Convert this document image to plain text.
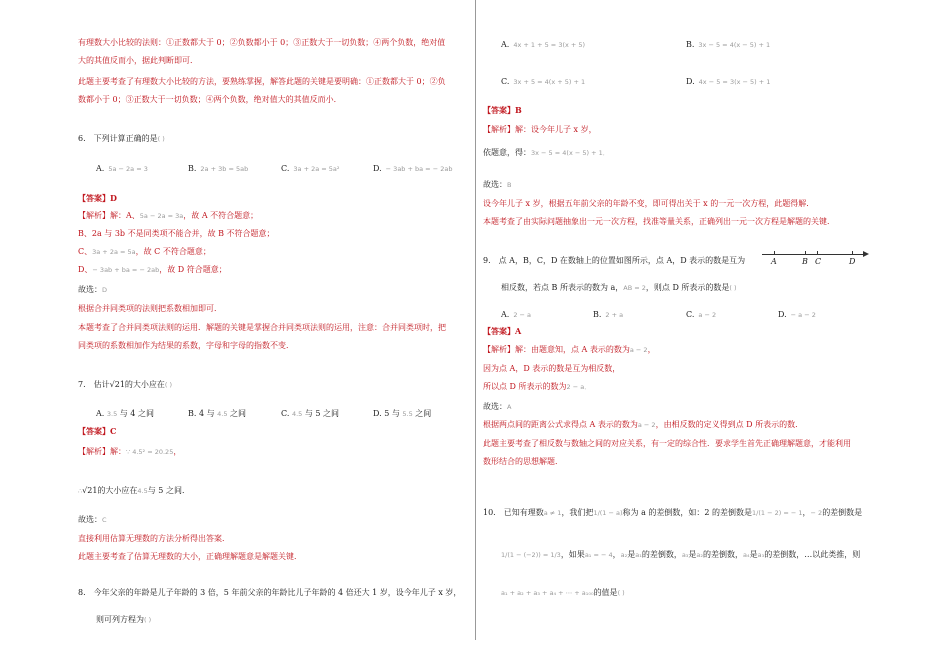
有理数大小比较的法则：①正数都大于 0；②负数都小于 0；③正数大于一切负数；④两个负数，绝对值
大的其值反而小，据此判断即可．
此题主要考查了有理数大小比较的方法，要熟练掌握，解答此题的关键是要明确：①正数都大于 0；②负
数都小于 0；③正数大于一切负数；④两个负数，绝对值大的其值反而小．
6.　下列计算正确的是( )
A. 5a − 2a = 3	B. 2a + 3b = 5ab	C. 3a + 2a = 5a²	D. − 3ab + ba = − 2ab
【答案】D
【解析】解：A、5a − 2a = 3a，故 A 不符合题意；
B、2a 与 3b 不是同类项不能合并，故 B 不符合题意；
C、3a + 2a = 5a，故 C 不符合题意；
D、− 3ab + ba = − 2ab，故 D 符合题意；
故选：D
根据合并同类项的法则把系数相加即可．
本题考查了合并同类项法则的运用．解题的关键是掌握合并同类项法则的运用，注意：合并同类项时，把
同类项的系数相加作为结果的系数，字母和字母的指数不变．
7.　估计√21的大小应在( )
A. 3.5 与 4 之间	B. 4 与 4.5 之间	C. 4.5 与 5 之间	D. 5 与 5.5 之间
【答案】C
【解析】解：∵ 4.5² = 20.25，
∴√21的大小应在4.5与 5 之间．
故选：C
直接利用估算无理数的方法分析得出答案．
此题主要考查了估算无理数的大小，正确理解题意是解题关键．
8.　今年父亲的年龄是儿子年龄的 3 倍，5 年前父亲的年龄比儿子年龄的 4 倍还大 1 岁，设今年儿子 x 岁，
则可列方程为( )
A. 4x + 1 + 5 = 3(x + 5)	B. 3x − 5 = 4(x − 5) + 1
C. 3x + 5 = 4(x + 5) + 1	D. 4x − 5 = 3(x − 5) + 1
【答案】B
【解析】解：设今年儿子 x 岁，
依题意，得：3x − 5 = 4(x − 5) + 1．
故选：B
设今年儿子 x 岁，根据五年前父亲的年龄不变，即可得出关于 x 的一元一次方程，此题得解．
本题考查了由实际问题抽象出一元一次方程，找准等量关系，正确列出一元一次方程是解题的关键．
9.　点 A，B，C，D 在数轴上的位置如图所示，点 A，D 表示的数是互为
相反数，若点 B 所表示的数为 a，AB = 2，则点 D 所表示的数是( )
A. 2 − a	B. 2 + a	C. a − 2	D. − a − 2
【答案】A
【解析】解：由题意知，点 A 表示的数为a − 2，
因为点 A，D 表示的数是互为相反数，
所以点 D 所表示的数为2 − a．
故选：A
根据两点间的距离公式求得点 A 表示的数为a − 2，由相反数的定义得到点 D 所表示的数．
此题主要考查了相反数与数轴之间的对应关系，有一定的综合性．要求学生首先正确理解题意，才能利用
数形结合的思想解题．
10.　已知有理数a ≠ 1，我们把1/(1 − a)称为 a 的差倒数，如：2 的差倒数是1/(1 − 2) = − 1，− 2的差倒数是
1/(1 − (−2)) = 1/3，如果a₁ = − 4，a₂是a₁的差倒数，a₃是a₂的差倒数，a₄是a₃的差倒数，…以此类推，则
a₁ + a₂ + a₃ + a₄ + ⋯ + a₁₀₀的值是( )
A	B C	D
